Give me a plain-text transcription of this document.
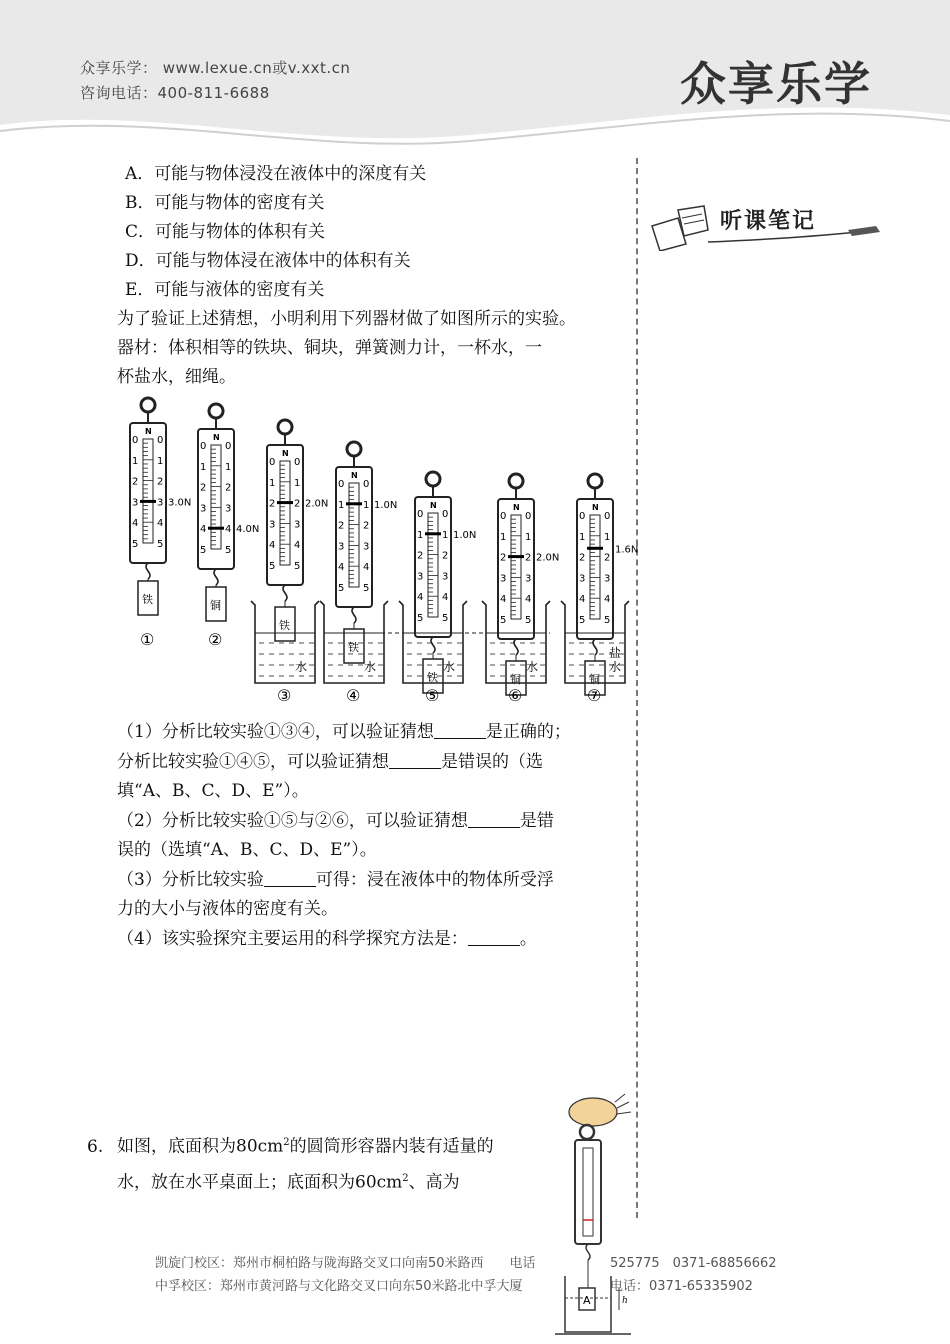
众享乐学： www.lexue.cn或v.xxt.cn
咨询电话：400-811-6688	众享乐学
听课笔记
A．可能与物体浸没在液体中的深度有关
B．可能与物体的密度有关
C．可能与物体的体积有关
D．可能与物体浸在液体中的体积有关
E．可能与液体的密度有关
为了验证上述猜想，小明利用下列器材做了如图所示的实验。
器材：体积相等的铁块、铜块，弹簧测力计，一杯水，一
杯盐水，细绳。
N
0 0
1 1
2 2
3 3
4 4
5 5
3.0N
铁
①
N
0 0
1 1
2 2
3 3
4 4
5 5
4.0N
铜
②
N
0 0
1 1
2 2
3 3
4 4
5 5
2.0N
铁
水
③
N
0 0
1 1
2 2
3 3
4 4
5 5
1.0N
铁
水
④
N
0 0
1 1
2 2
3 3
4 4
5 5
1.0N
铁
水
⑤
N
0 0
1 1
2 2
3 3
4 4
5 5
2.0N
铜
水
⑥
N
0 0
1 1
2 2
3 3
4 4
5 5
1.6N
铜
盐
水
⑦
（1）分析比较实验①③④，可以验证猜想	是正确的；
分析比较实验①④⑤，可以验证猜想	是错误的（选
填“A、B、C、D、E”）。
（2）分析比较实验①⑤与②⑥，可以验证猜想	是错
误的（选填“A、B、C、D、E”）。
（3）分析比较实验	可得：浸在液体中的物体所受浮
力的大小与液体的密度有关。
（4）该实验探究主要运用的科学探究方法是：	。
6. 如图，底面积为$80cm^2$的圆筒形容器内装有适量的
水，放在水平桌面上；底面积为$60cm^2$、高为
A	h
凯旋门校区：郑州市桐柏路与陇海路交叉口向南50米路西　　电话	525775　0371-68856662
中孚校区：郑州市黄河路与文化路交叉口向东50米路北中孚大厦	电话：0371-65335902
